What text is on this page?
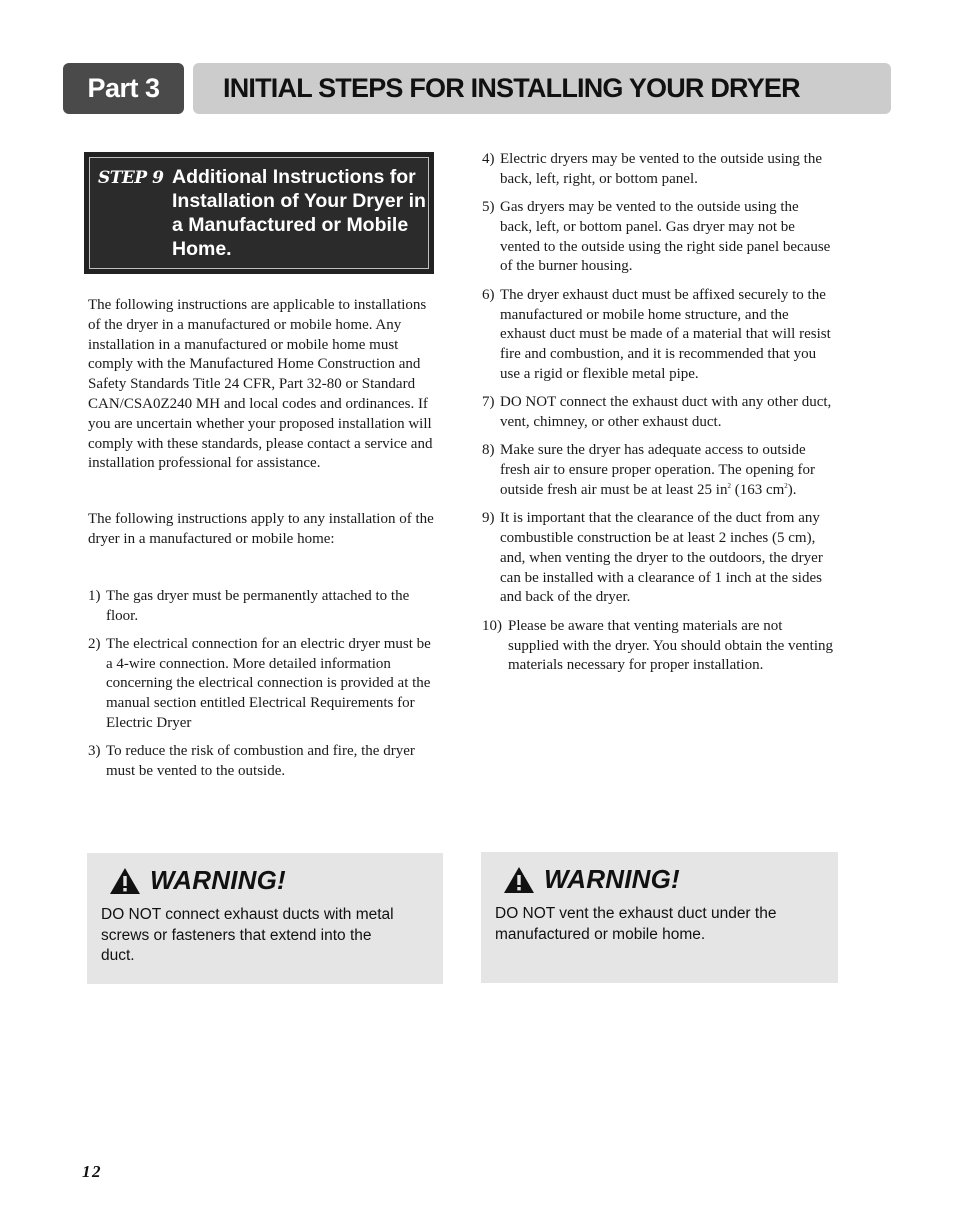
Part 3	INITIAL STEPS FOR INSTALLING YOUR DRYER
STEP 9 Additional Instructions for Installation of Your Dryer in a Manufactured or Mobile Home.

The following instructions are applicable to installations of the dryer in a manufactured or mobile home. Any installation in a manufactured or mobile home must comply with the Manufactured Home Construction and Safety Standards Title 24 CFR, Part 32-80 or Standard CAN/CSA0Z240 MH and local codes and ordinances. If you are uncertain whether your proposed installation will comply with these standards, please contact a service and installation professional for assistance.

The following instructions apply to any installation of the dryer in a manufactured or mobile home:

1) The gas dryer must be permanently attached to the floor.
2) The electrical connection for an electric dryer must be a 4-wire connection. More detailed information concerning the electrical connection is provided at the manual section entitled Electrical Requirements for Electric Dryer
3) To reduce the risk of combustion and fire, the dryer must be vented to the outside.
4) Electric dryers may be vented to the outside using the back, left, right, or bottom panel.
5) Gas dryers may be vented to the outside using the back, left, or bottom panel. Gas dryer may not be vented to the outside using the right side panel because of the burner housing.
6) The dryer exhaust duct must be affixed securely to the manufactured or mobile home structure, and the exhaust duct must be made of a material that will resist fire and combustion, and it is recommended that you use a rigid or flexible metal pipe.
7) DO NOT connect the exhaust duct with any other duct, vent, chimney, or other exhaust duct.
8) Make sure the dryer has adequate access to outside fresh air to ensure proper operation. The opening for outside fresh air must be at least 25 $in^2$ (163 $cm^2$).
9) It is important that the clearance of the duct from any combustible construction be at least 2 inches (5 cm), and, when venting the dryer to the outdoors, the dryer can be installed with a clearance of 1 inch at the sides and back of the dryer.
10) Please be aware that venting materials are not supplied with the dryer. You should obtain the venting materials necessary for proper installation.
WARNING!

DO NOT connect exhaust ducts with metal screws or fasteners that extend into the duct.

WARNING!

DO NOT vent the exhaust duct under the manufactured or mobile home.

12
